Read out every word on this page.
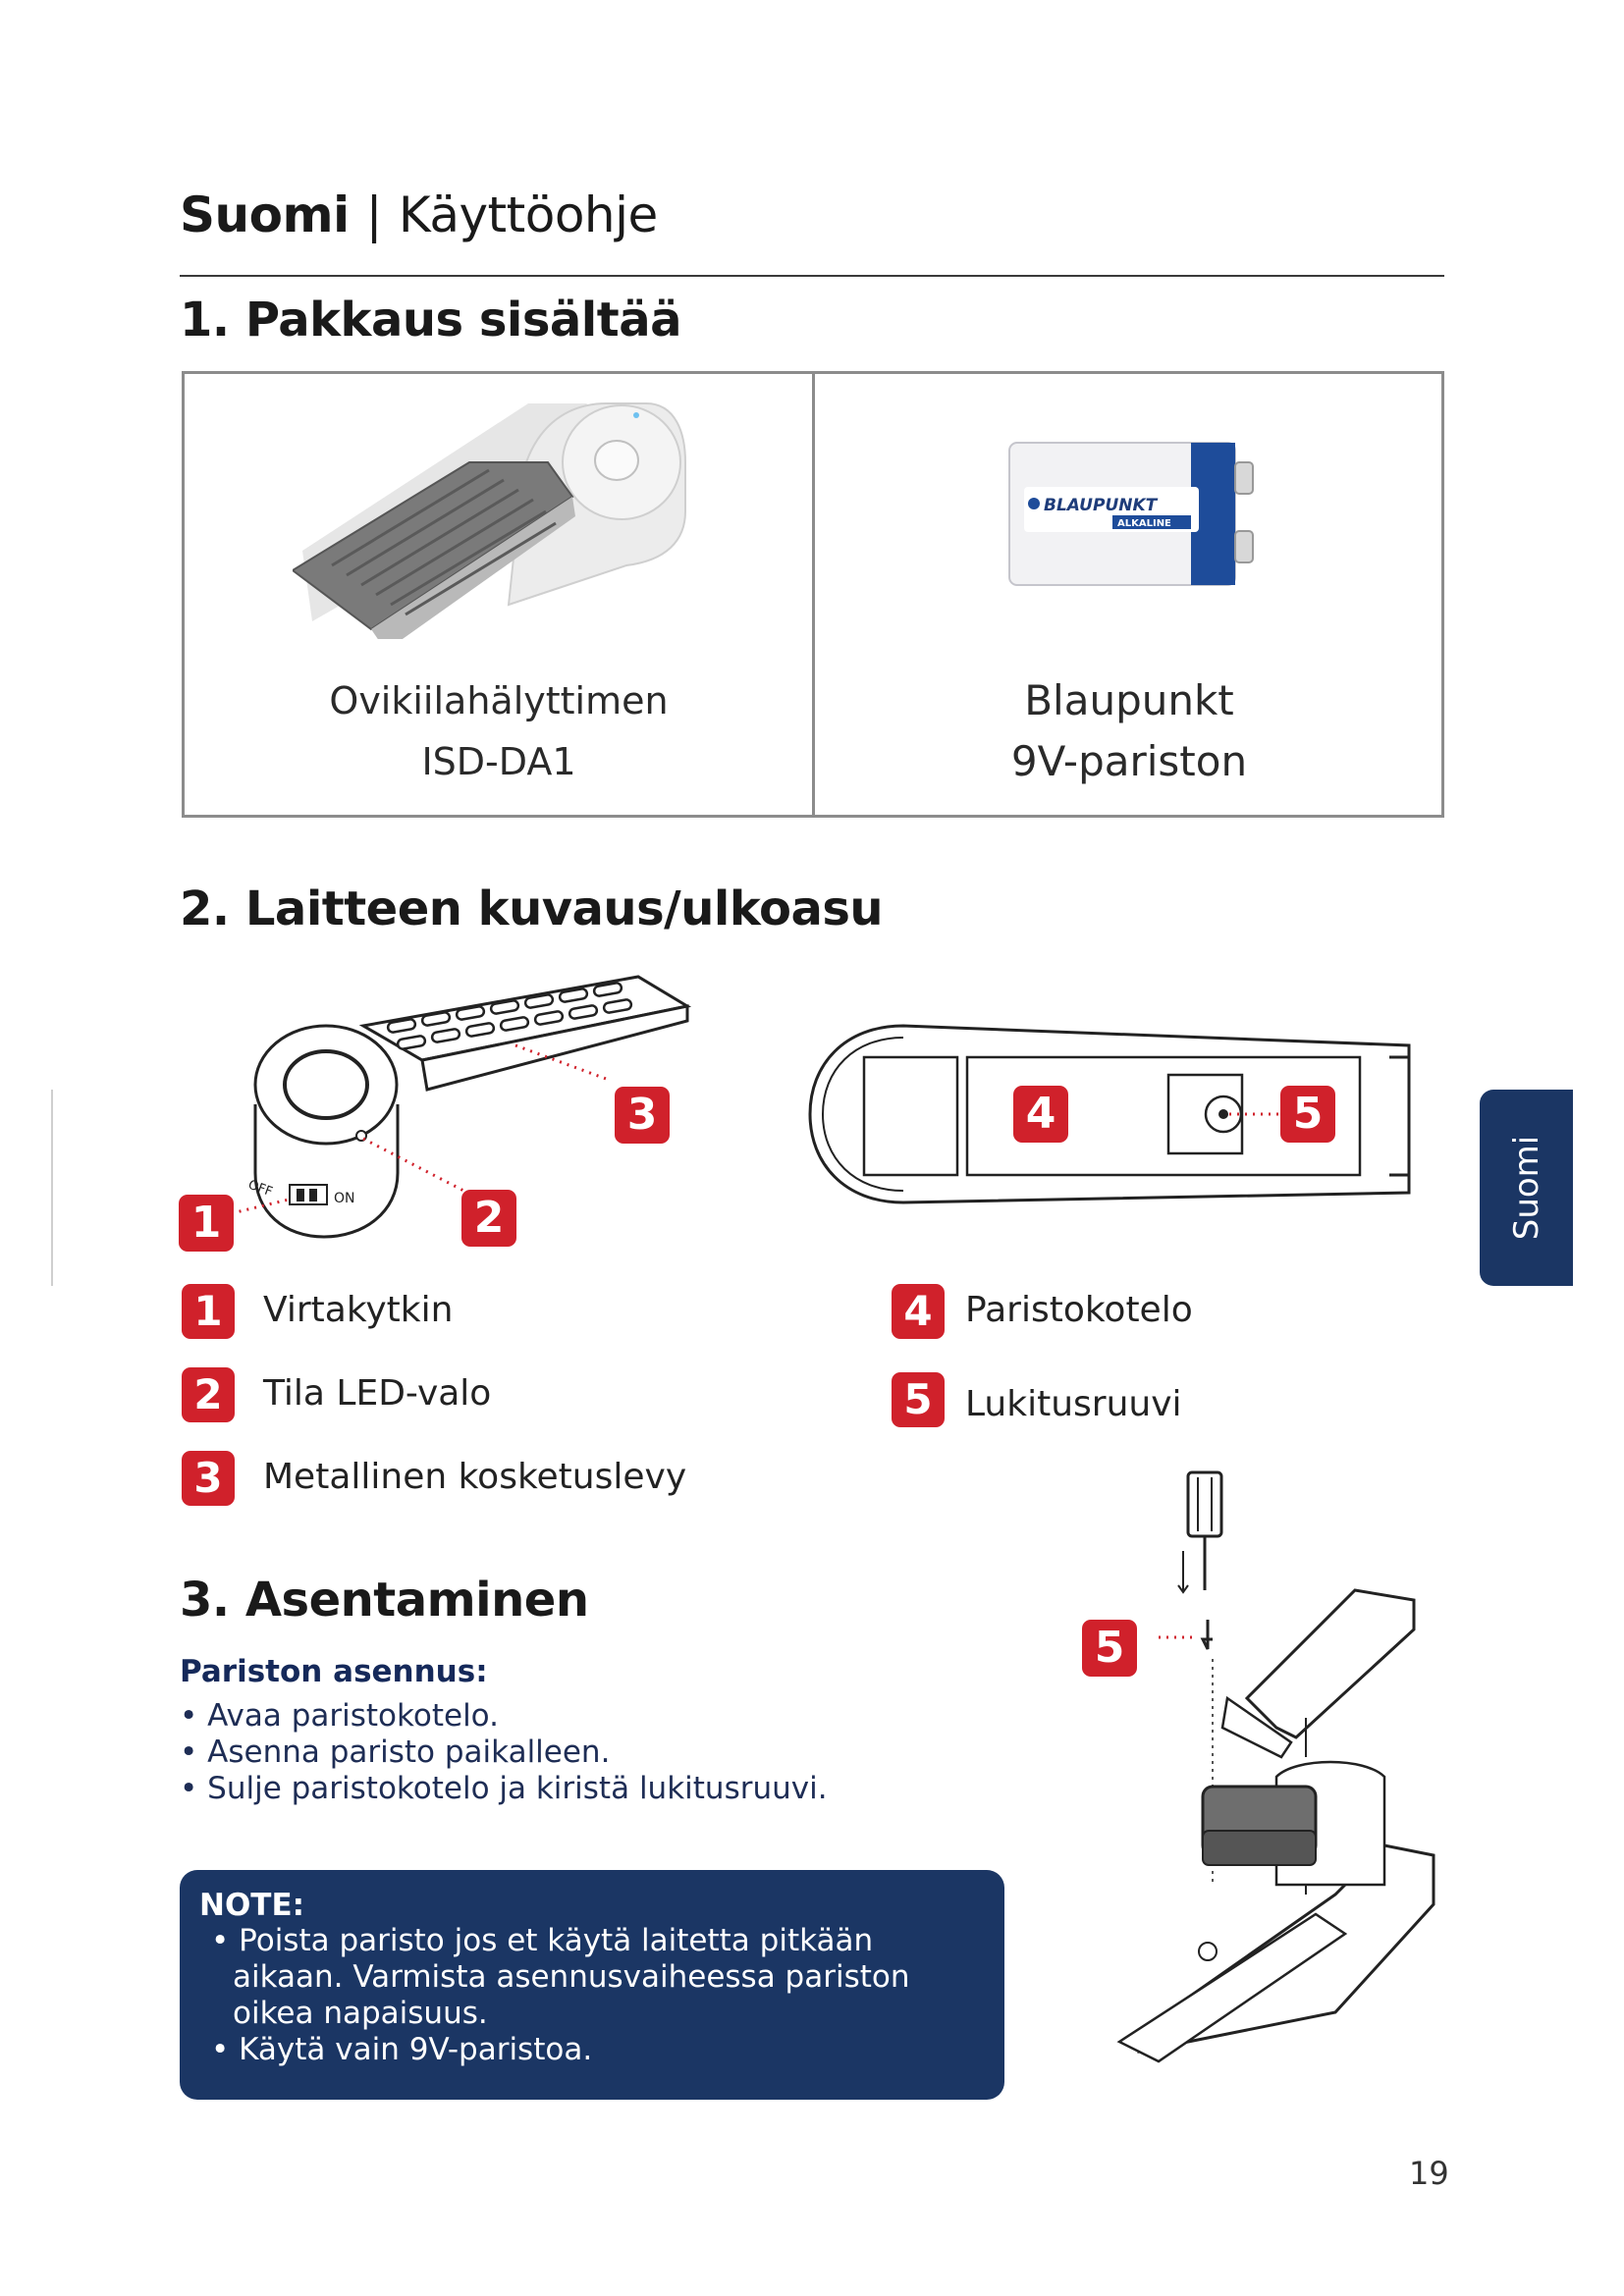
Suomi | Käyttöohje
1. Pakkaus sisältää
Ovikiilahälyttimen
ISD-DA1
BLAUPUNKT
ALKALINE
Blaupunkt
9V-pariston
2. Laitteen kuvaus/ulkoasu
OFF	ON
1	2
3	4	5
1	Virtakytkin
2	Tila LED-valo
3	Metallinen kosketuslevy
4 Paristokotelo
5 Lukitusruuvi
3. Asentaminen
Pariston asennus:
• Avaa paristokotelo.
• Asenna paristo paikalleen.
• Sulje paristokotelo ja kiristä lukitusruuvi.
5
NOTE:
• Poista paristo jos et käytä laitetta pitkään aikaan. Varmista asennusvaiheessa pariston oikea napaisuus.
• Käytä vain 9V-paristoa.
Suomi
19
